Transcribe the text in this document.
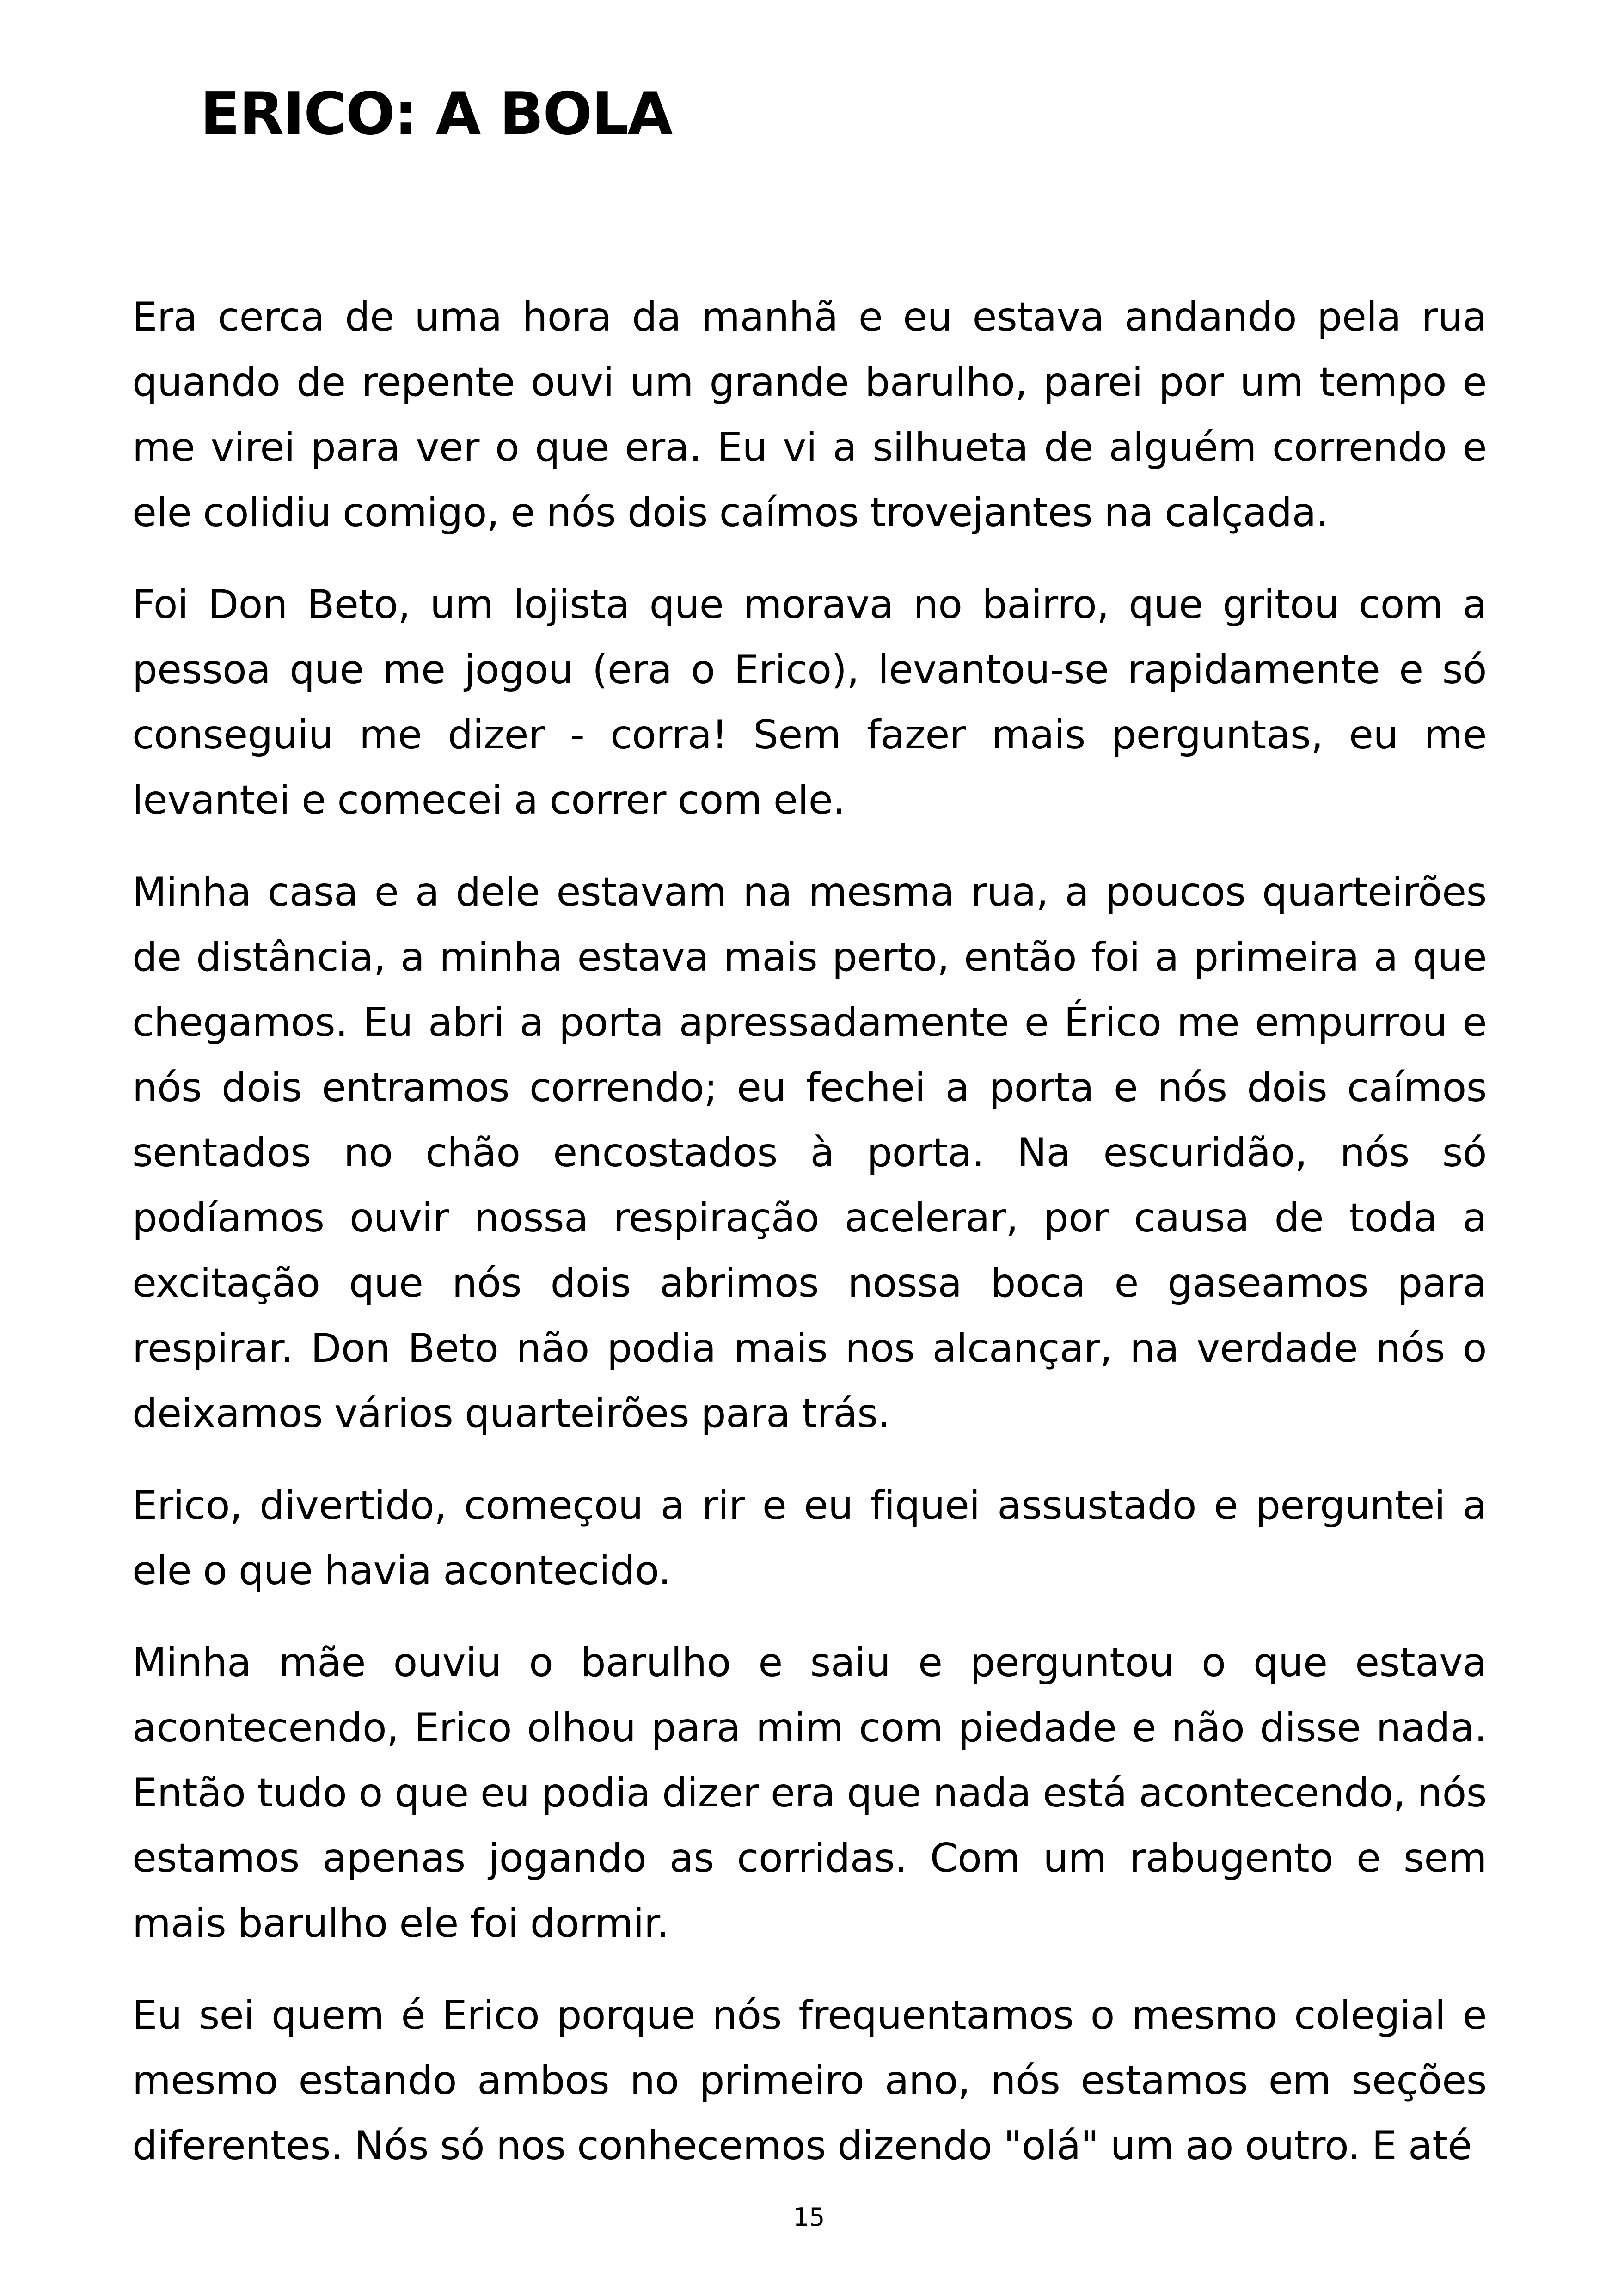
ERICO: A BOLA

Era cerca de uma hora da manhã e eu estava andando pela rua quando de repente ouvi um grande barulho, parei por um tempo e me virei para ver o que era. Eu vi a silhueta de alguém correndo e ele colidiu comigo, e nós dois caímos trovejantes na calçada.

Foi Don Beto, um lojista que morava no bairro, que gritou com a pessoa que me jogou (era o Erico), levantou-se rapidamente e só conseguiu me dizer - corra! Sem fazer mais perguntas, eu me levantei e comecei a correr com ele.

Minha casa e a dele estavam na mesma rua, a poucos quarteirões de distância, a minha estava mais perto, então foi a primeira a que chegamos. Eu abri a porta apressadamente e Érico me empurrou e nós dois entramos correndo; eu fechei a porta e nós dois caímos sentados no chão encostados à porta. Na escuridão, nós só podíamos ouvir nossa respiração acelerar, por causa de toda a excitação que nós dois abrimos nossa boca e gaseamos para respirar. Don Beto não podia mais nos alcançar, na verdade nós o deixamos vários quarteirões para trás.

Erico, divertido, começou a rir e eu fiquei assustado e perguntei a ele o que havia acontecido.

Minha mãe ouviu o barulho e saiu e perguntou o que estava acontecendo, Erico olhou para mim com piedade e não disse nada. Então tudo o que eu podia dizer era que nada está acontecendo, nós estamos apenas jogando as corridas. Com um rabugento e sem mais barulho ele foi dormir.

Eu sei quem é Erico porque nós frequentamos o mesmo colegial e mesmo estando ambos no primeiro ano, nós estamos em seções diferentes. Nós só nos conhecemos dizendo "olá" um ao outro. E até

15
